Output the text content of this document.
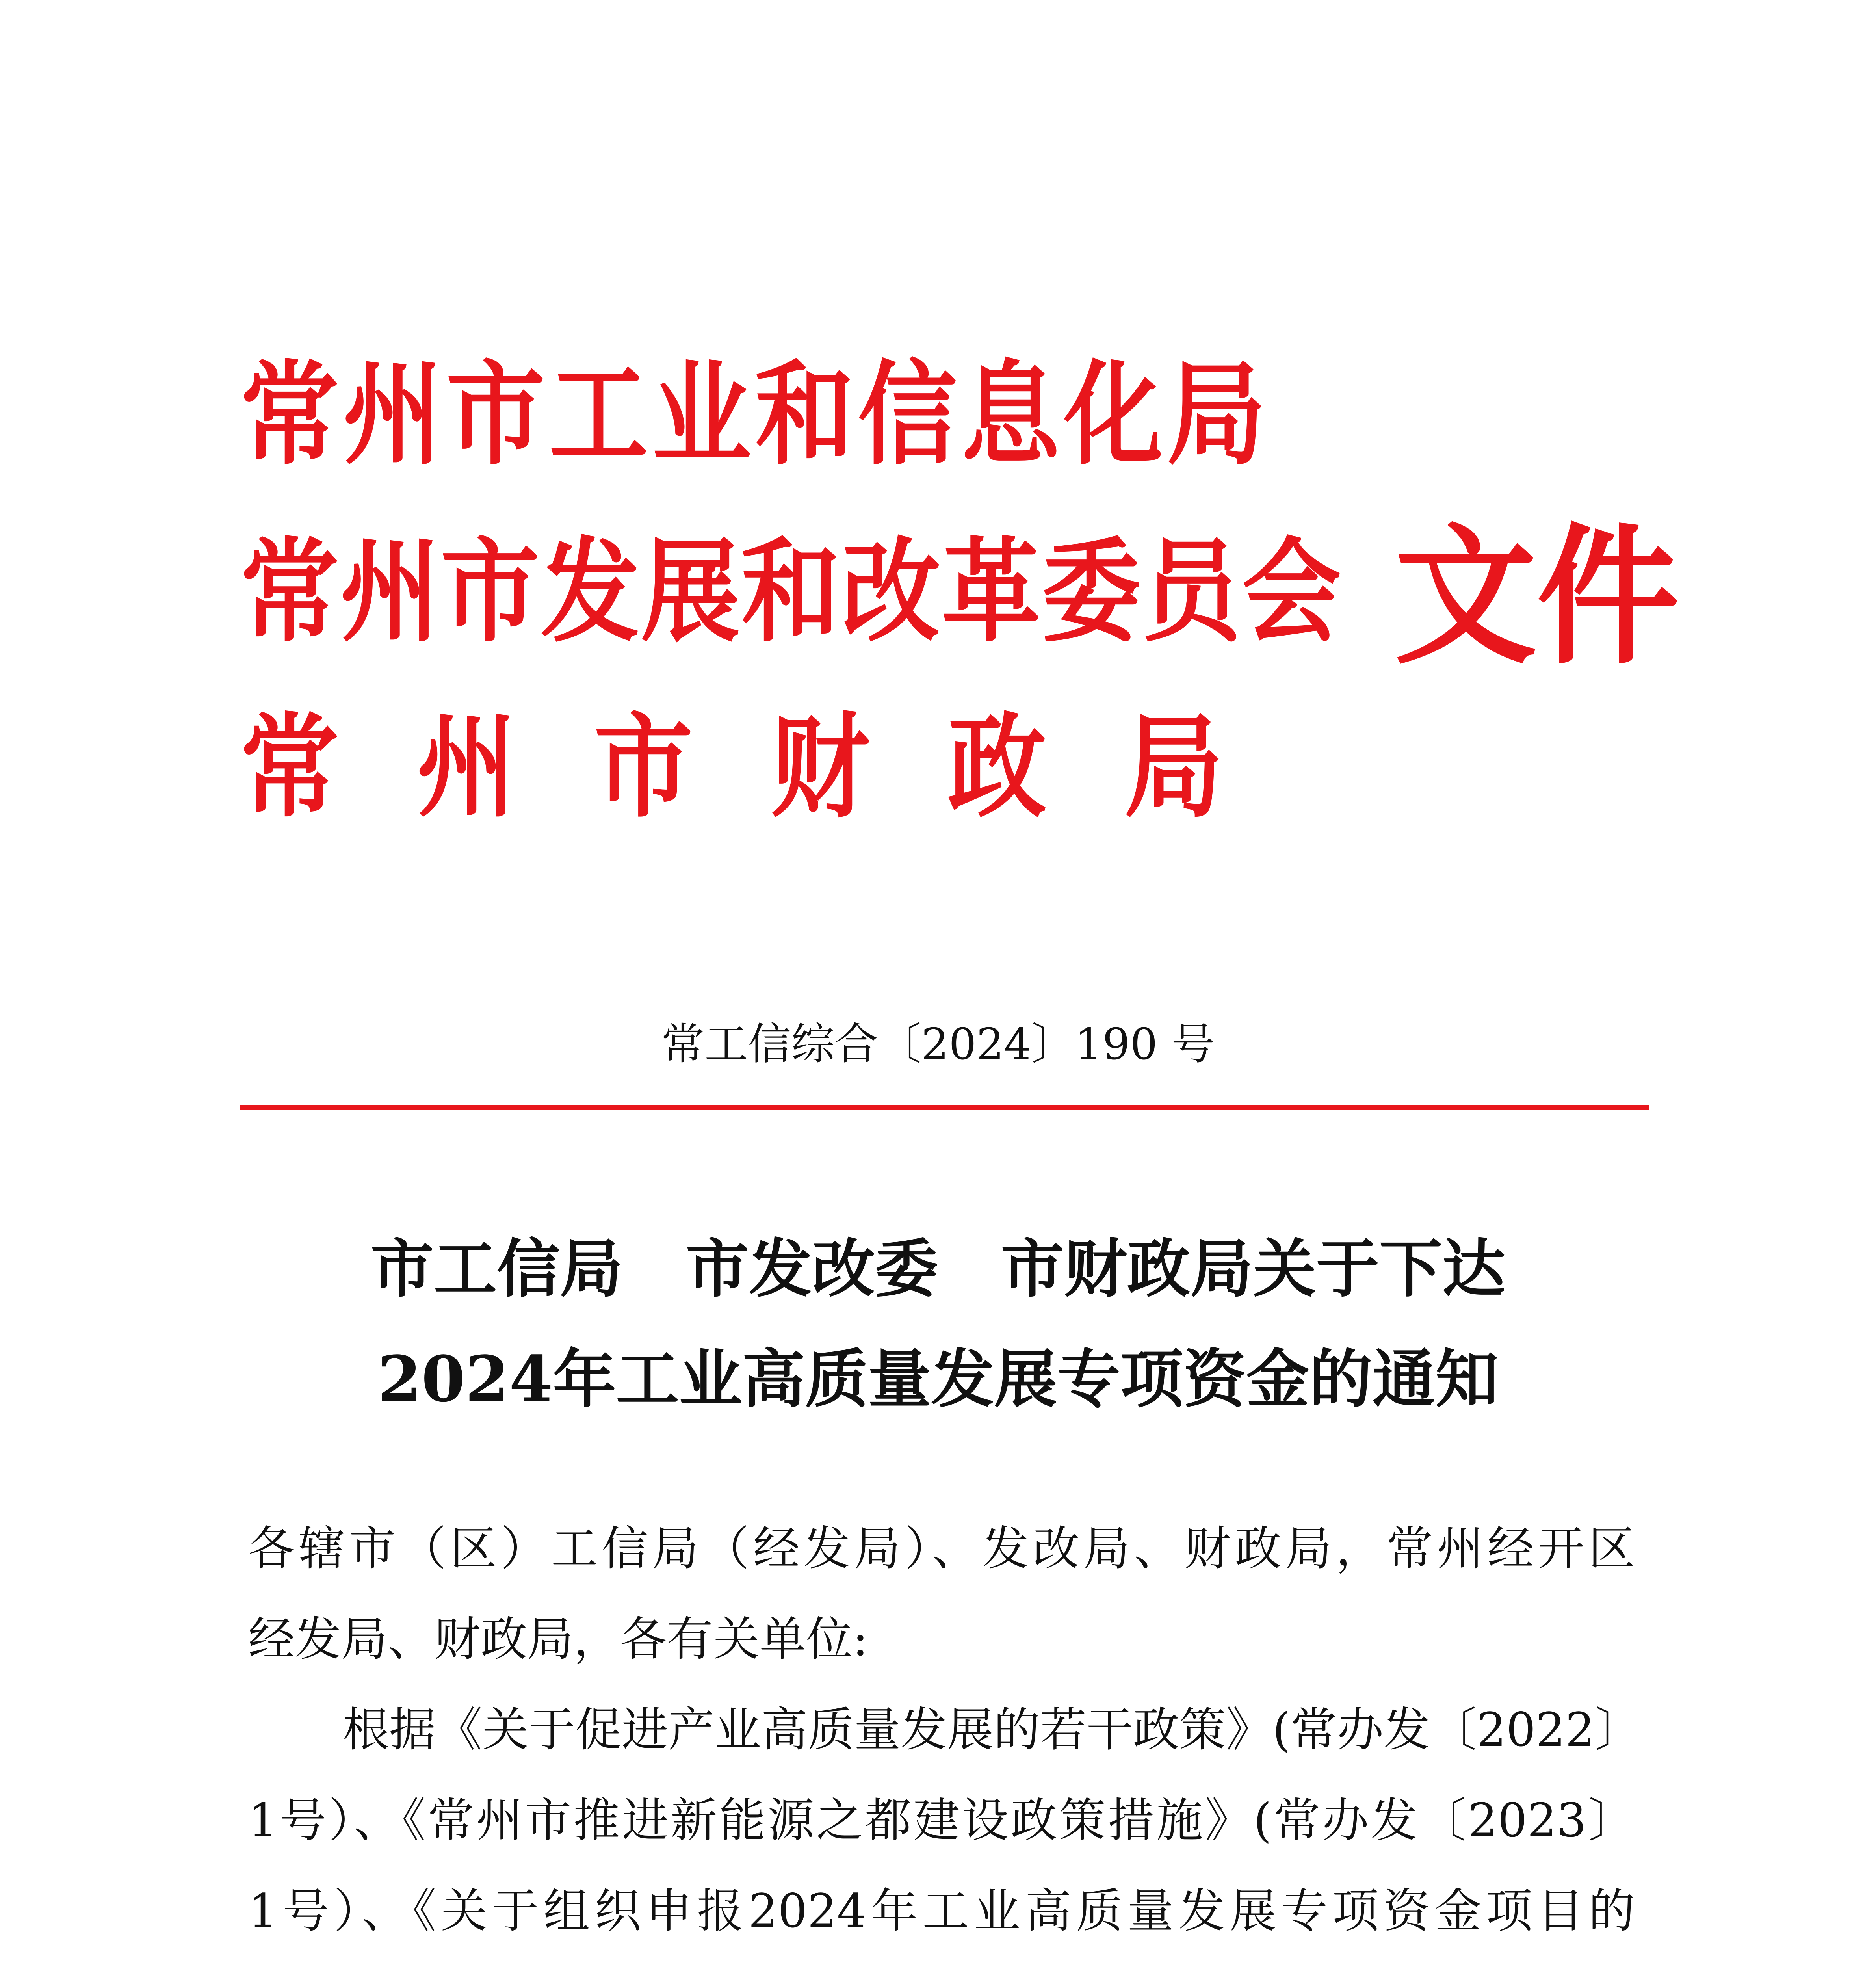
常州市工业和信息化局
常州市发展和改革委员会
常州市财政局
文件
常工信综合〔2024〕190 号
市工信局　市发改委　市财政局关于下达
2024年工业高质量发展专项资金的通知
各辖市（区）工信局（经发局）、发改局、财政局，常州经开区
经发局、财政局，各有关单位:
根据《关于促进产业高质量发展的若干政策》(常办发〔2022〕
1号）、《常州市推进新能源之都建设政策措施》(常办发〔2023〕
1号）、《关于组织申报2024年工业高质量发展专项资金项目的
